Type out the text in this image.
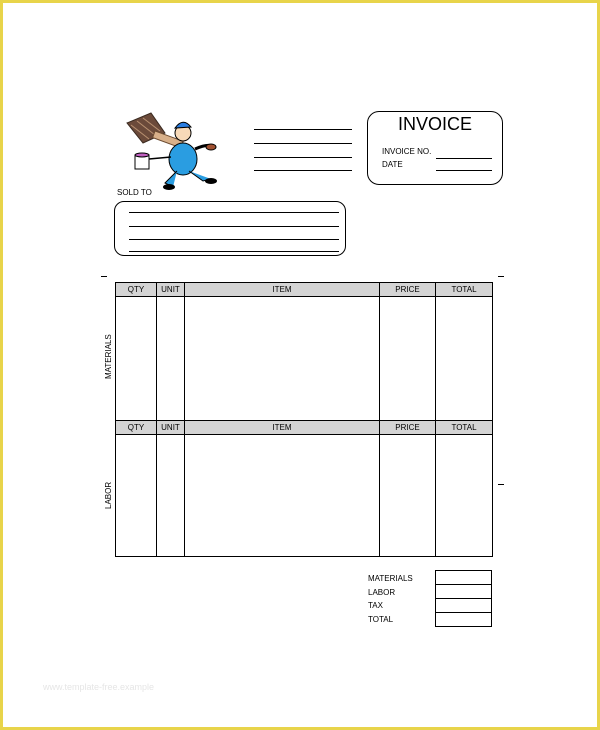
INVOICE
INVOICE NO.
DATE
SOLD TO
QTY	UNIT	ITEM	PRICE	TOTAL

QTY	UNIT	ITEM	PRICE	TOTAL

MATERIALS
LABOR
MATERIALS
LABOR
TAX
TOTAL

www.template-free.example
